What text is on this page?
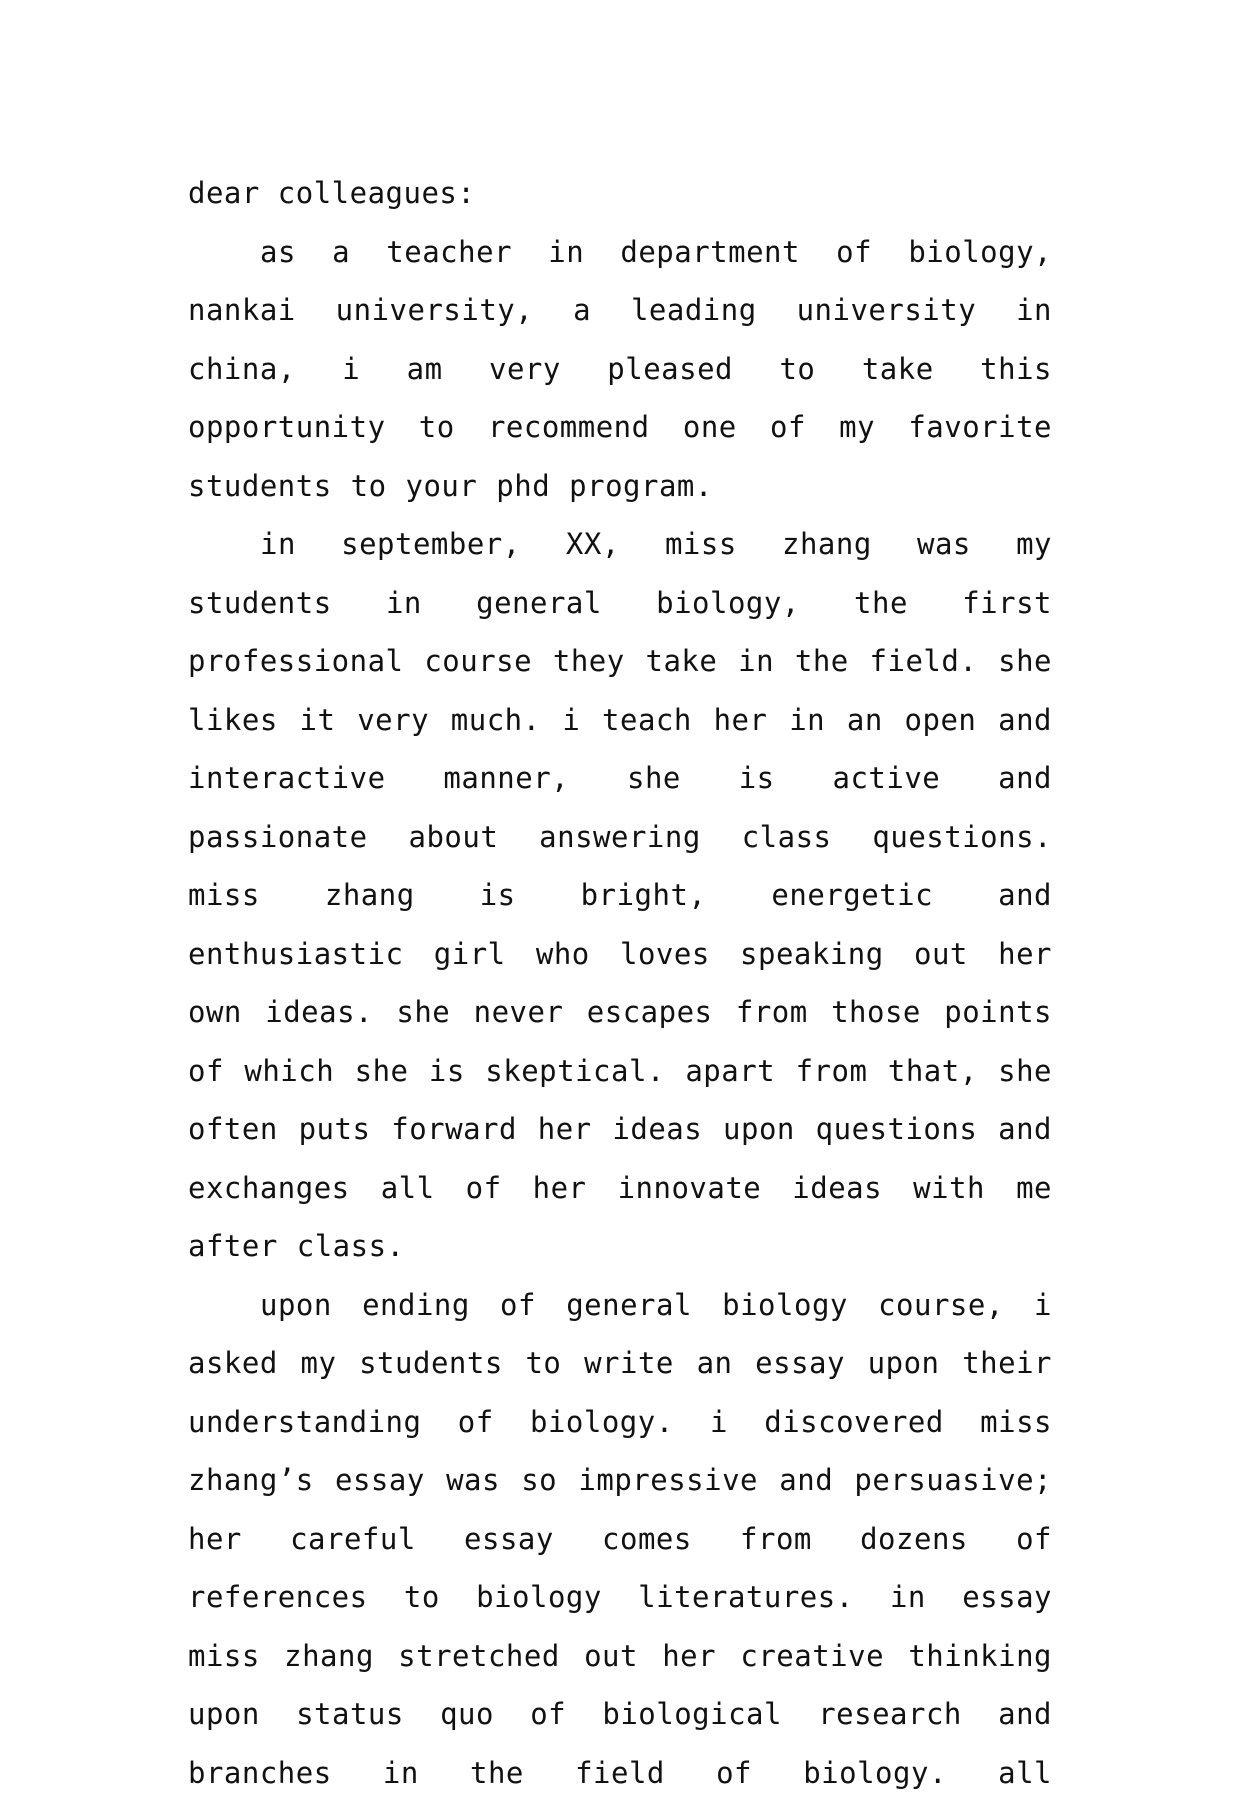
dear colleagues:

as a teacher in department of biology, nankai university, a leading university in china, i am very pleased to take this opportunity to recommend one of my favorite students to your phd program.

in september, XX, miss zhang was my students in general biology, the first professional course they take in the field. she likes it very much. i teach her in an open and interactive manner, she is active and passionate about answering class questions. miss zhang is bright, energetic and enthusiastic girl who loves speaking out her own ideas. she never escapes from those points of which she is skeptical. apart from that, she often puts forward her ideas upon questions and exchanges all of her innovate ideas with me after class.

upon ending of general biology course, i asked my students to write an essay upon their understanding of biology. i discovered miss zhang’s essay was so impressive and persuasive; her careful essay comes from dozens of references to biology literatures. in essay miss zhang stretched out her creative thinking upon status quo of biological research and branches in the field of biology. all
